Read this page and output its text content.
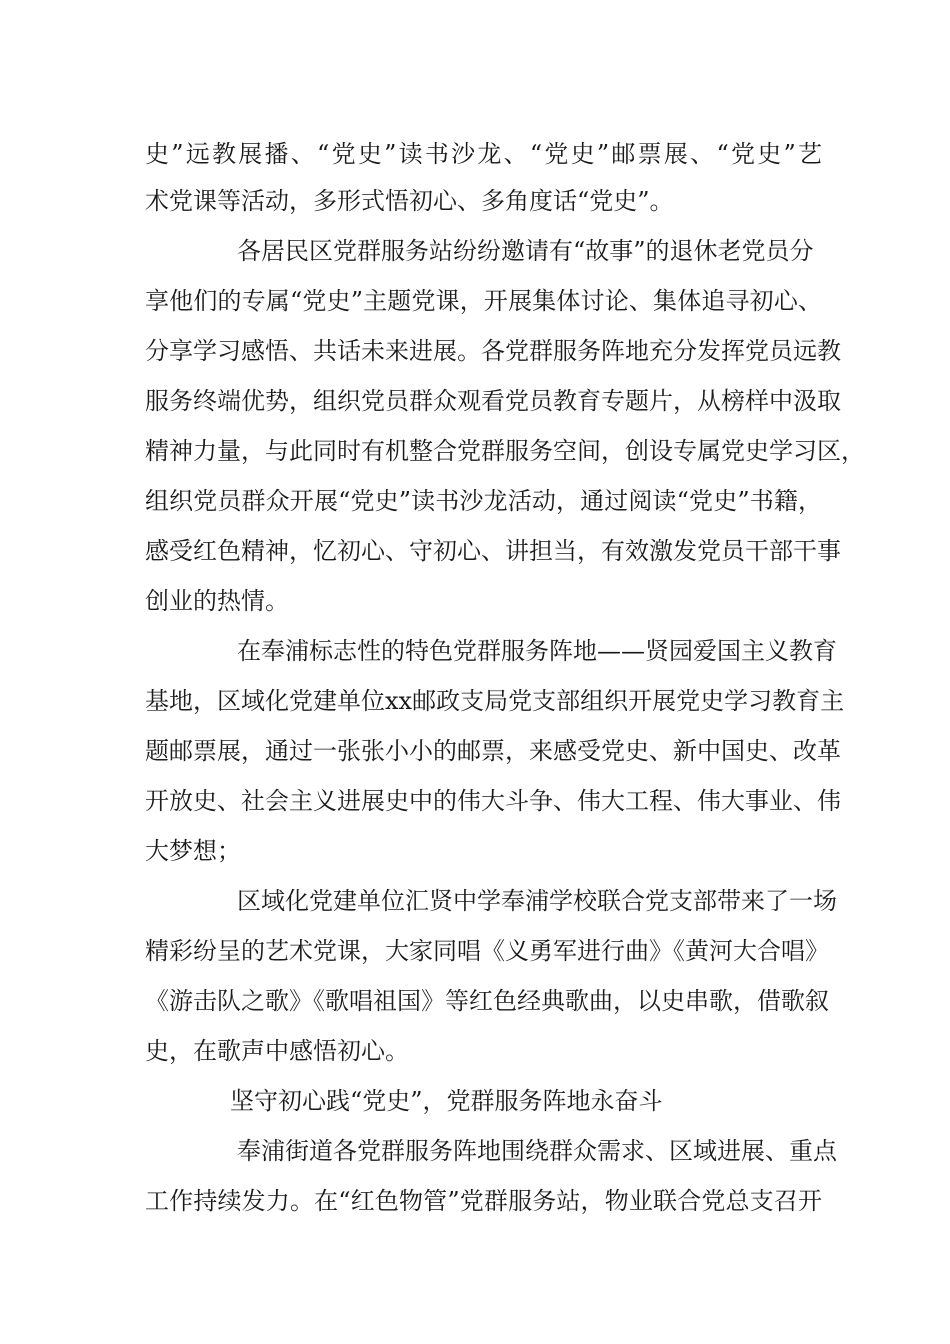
史”远教展播、“党史”读书沙龙、“党史”邮票展、“党史”艺
术党课等活动，多形式悟初心、多角度话“党史”。
各居民区党群服务站纷纷邀请有“故事”的退休老党员分
享他们的专属“党史”主题党课，开展集体讨论、集体追寻初心、
分享学习感悟、共话未来进展。各党群服务阵地充分发挥党员远教
服务终端优势，组织党员群众观看党员教育专题片，从榜样中汲取
精神力量，与此同时有机整合党群服务空间，创设专属党史学习区，
组织党员群众开展“党史”读书沙龙活动，通过阅读“党史”书籍，
感受红色精神，忆初心、守初心、讲担当，有效激发党员干部干事
创业的热情。
在奉浦标志性的特色党群服务阵地——贤园爱国主义教育
基地，区域化党建单位xx邮政支局党支部组织开展党史学习教育主
题邮票展，通过一张张小小的邮票，来感受党史、新中国史、改革
开放史、社会主义进展史中的伟大斗争、伟大工程、伟大事业、伟
大梦想；
区域化党建单位汇贤中学奉浦学校联合党支部带来了一场
精彩纷呈的艺术党课，大家同唱《义勇军进行曲》《黄河大合唱》
《游击队之歌》《歌唱祖国》等红色经典歌曲，以史串歌，借歌叙
史，在歌声中感悟初心。
坚守初心践“党史”，党群服务阵地永奋斗
奉浦街道各党群服务阵地围绕群众需求、区域进展、重点
工作持续发力。在“红色物管”党群服务站，物业联合党总支召开
